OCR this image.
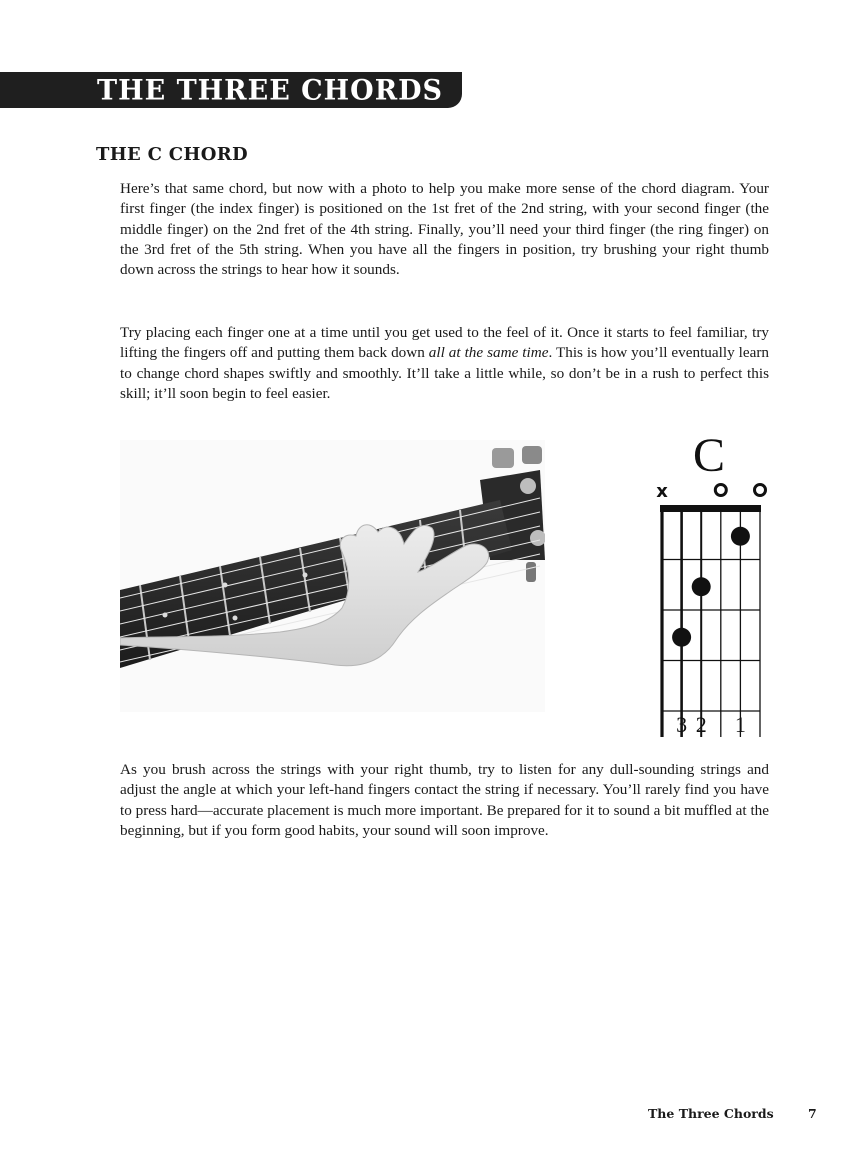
THE THREE CHORDS
THE C CHORD

Here’s that same chord, but now with a photo to help you make more sense of the chord diagram. Your first finger (the index finger) is positioned on the 1st fret of the 2nd string, with your second finger (the middle finger) on the 2nd fret of the 4th string. Finally, you’ll need your third finger (the ring finger) on the 3rd fret of the 5th string. When you have all the fingers in position, try brushing your right thumb down across the strings to hear how it sounds.

Try placing each finger one at a time until you get used to the feel of it. Once it starts to feel familiar, try lifting the fingers off and putting them back down all at the same time. This is how you’ll eventually learn to change chord shapes swiftly and smoothly. It’ll take a little while, so don’t be in a rush to perfect this skill; it’ll soon begin to feel easier.

C
x
3 2 1

As you brush across the strings with your right thumb, try to listen for any dull-sounding strings and adjust the angle at which your left-hand fingers contact the string if necessary. You’ll rarely find you have to press hard—accurate placement is much more important. Be prepared for it to sound a bit muffled at the beginning, but if you form good habits, your sound will soon improve.

The Three Chords	7
